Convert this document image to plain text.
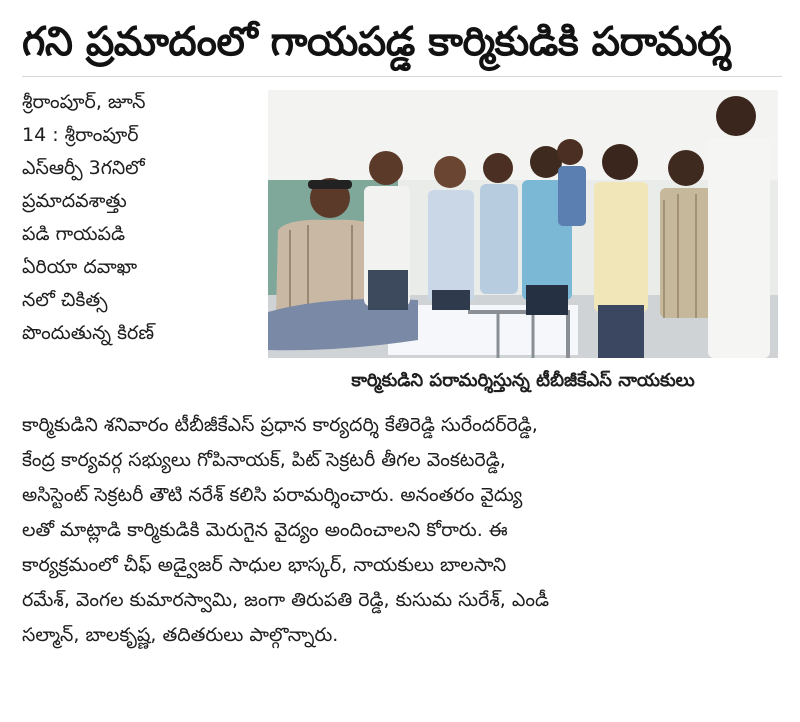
గని ప్రమాదంలో గాయపడ్డ కార్మికుడికి పరామర్శ
శ్రీరాంపూర్, జూన్
14 : శ్రీరాంపూర్
ఎస్ఆర్పీ 3గనిలో
ప్రమాదవశాత్తు
పడి గాయపడి
ఏరియా దవాఖా
నలో చికిత్స
పొందుతున్న కిరణ్
కార్మికుడిని పరామర్శిస్తున్న టీబీజీకేఎస్ నాయకులు
కార్మికుడిని శనివారం టీబీజీకేఎస్ ప్రధాన కార్యదర్శి కేతిరెడ్డి సురేందర్‌రెడ్డి,
కేంద్ర కార్యవర్గ సభ్యులు గోపినాయక్, పిట్ సెక్రటరీ తీగల వెంకటరెడ్డి,
అసిస్టెంట్ సెక్రటరీ తౌటి నరేశ్ కలిసి పరామర్శించారు. అనంతరం వైద్యు
లతో మాట్లాడి కార్మికుడికి మెరుగైన వైద్యం అందించాలని కోరారు. ఈ
కార్యక్రమంలో చీఫ్ అడ్వైజర్ సాధుల భాస్కర్, నాయకులు బాలసాని
రమేశ్, వెంగల కుమారస్వామి, జంగా తిరుపతి రెడ్డి, కుసుమ సురేశ్, ఎండీ
సల్మాన్, బాలకృష్ణ, తదితరులు పాల్గొన్నారు.
